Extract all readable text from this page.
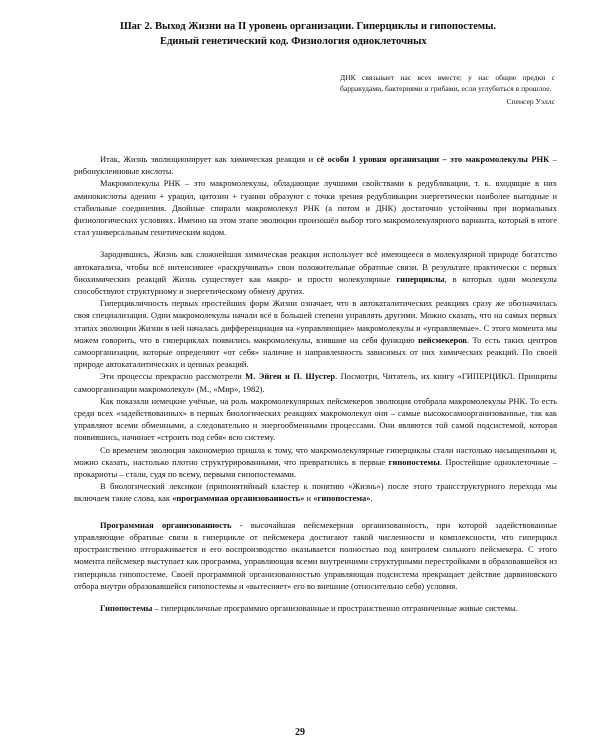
Шаг 2. Выход Жизни на II уровень организации. Гиперциклы и гипопостемы.
Единый генетический код. Физиология одноклеточных

ДНК связывает нас всех вместе; у нас общие предки с барракудами, бактериями и грибами, если углубиться в прошлое.

Спенсер Уэллс

Итак, Жизнь эволюционирует как химическая реакция и сё особи I уровня организации – это макромолекулы РНК – рибонуклеиновые кислоты.

Макромолекулы РНК – это макромолекулы, обладающие лучшими свойствами к редубликации, т. к. входящие в них аминокислоты аденин + урацил, цитозин + гуанин образуют с точки зрения редубликации энергетически наиболее выгодные и стабильные соединения. Двойные спирали макромолекул РНК (а потом и ДНК) достаточно устойчивы при нормальных физиологических условиях. Именно на этом этапе эволюции произошёл выбор того макромолекулярного варианта, который в итоге стал универсальным генетическим кодом.

Зародившись, Жизнь как сложнейшая химическая реакция использует всё имеющееся в молекулярной природе богатство автокатализа, чтобы всё интенсивнее «раскручивать» свои положительные обратные связи. В результате практически с первых биохимических реакций Жизнь существует как макро- и просто молекулярные гиперциклы, в которых одни молекулы способствуют структурному и энергетическому обмену других.

Гиперцикличность первых простейших форм Жизни означает, что в автокаталитических реакциях сразу же обозначилась своя специализация. Одни макромолекулы начали всё в большей степени управлять другими. Можно сказать, что на самых первых этапах эволюции Жизни в ней началась дифференциация на «управляющие» макромолекулы и «управляемые». С этого момента мы можем говорить, что в гиперциклах появились макромолекулы, взявшие на себя функцию пейсмекеров. То есть таких центров самоорганизации, которые определяют «от себя» наличие и направленность зависимых от них химических реакций. По своей природе автокаталитических и цепных реакций.

Эти процессы прекрасно рассмотрели М. Эйген и П. Шустер. Посмотри, Читатель, их книгу «ГИПЕРЦИКЛ. Принципы самоорганизации макромолекул» (М., «Мир», 1982).

Как показали немецкие учёные, на роль макромолекулярных пейсмекеров эволюция отобрала макромолекулы РНК. То есть среди всех «задействованных» в первых биологических реакциях макромолекул они – самые высокосамоорганизованные, так как управляют всеми обменными, а следовательно и энергообменными процессами. Они являются той самой подсистемой, которая появившись, начинает «строить под себя» всю систему.

Со временем эволюция закономерно пришла к тому, что макромолекулярные гиперциклы стали настолько насыщенными и, можно сказать, настолько плотно структурированными, что превратились в первые гипопостемы. Простейшие одноклеточные – прокариоты – стали, судя по всему, первыми гипопостемами.

В биологический лексикон (припонятийный кластер к понятию «Жизнь») после этого трансструктурного перехода мы включаем такие слова, как «программная организованность» и «гипопостема».

Программная организованность - высочайшая пейсмекерная организованность, при которой задействованные управляющие обратные связи в гиперцикле от пейсмекера достигают такой численности и комплексности, что гиперцикл пространственно отгораживается и его воспроизводство оказывается полностью под контролем сильного пейсмекера. С этого момента пейсмекер выступает как программа, управляющая всеми внутренними структурными перестройками в образовавшейся из гиперцикла гипопостеме. Своей программной организованностью управляющая подсистема прекращает действие дарвиновского отбора внутри образовавшейся гипопостемы и «вытесняет» его во внешние (относительно себя) условия.

Гипопостемы – гиперцикличные программно организованные и пространственно отграниченные живые системы.

29
